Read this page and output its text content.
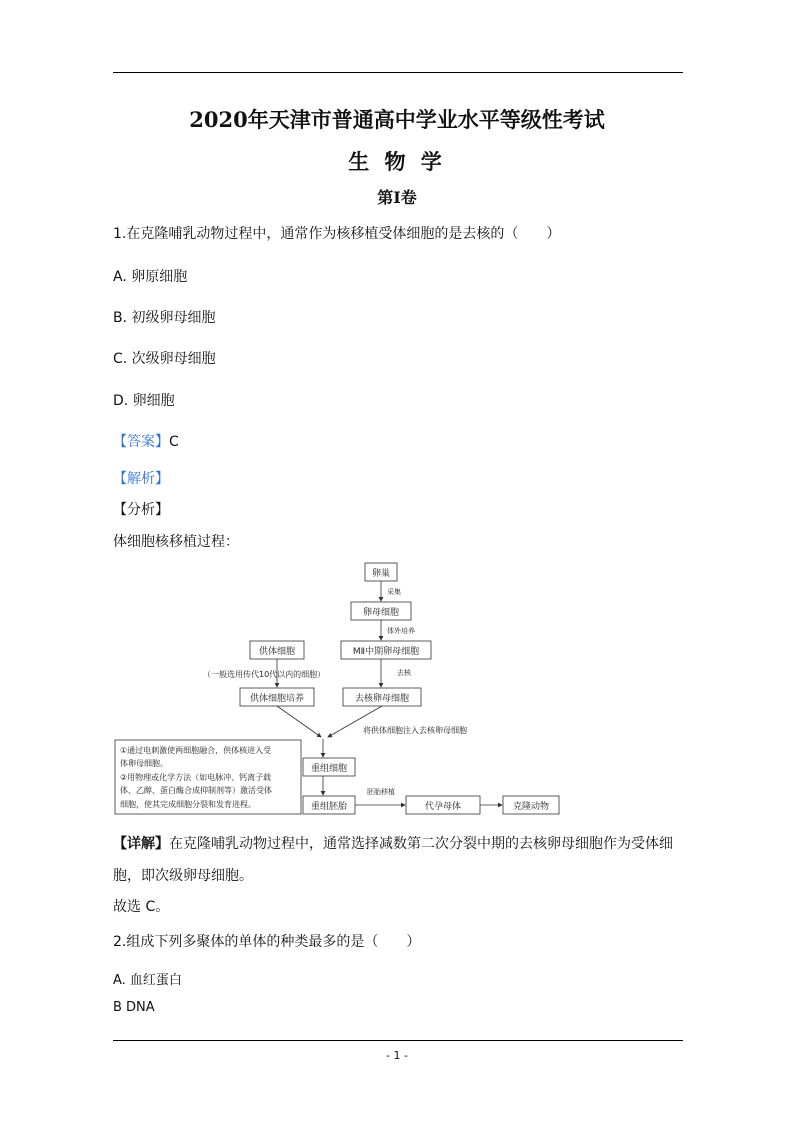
2020年天津市普通高中学业水平等级性考试
生 物 学
第Ⅰ卷
1.在克隆哺乳动物过程中，通常作为核移植受体细胞的是去核的（　　）
A. 卵原细胞
B. 初级卵母细胞
C. 次级卵母细胞
D. 卵细胞
【答案】C
【解析】
【分析】
体细胞核移植过程：
卵巢
采集
卵母细胞
体外培养
MⅡ中期卵母细胞
去核
去核卵母细胞
供体细胞
（一般选用传代10代以内的细胞）
供体细胞培养
将供体细胞注入去核卵母细胞
重组细胞
重组胚胎
胚胎移植
代孕母体	克隆动物
①通过电刺激使两细胞融合，供体核进入受
体卵母细胞。
②用物理或化学方法（如电脉冲、钙离子载
体、乙醇、蛋白酶合成抑制剂等）激活受体
细胞，使其完成细胞分裂和发育进程。
【详解】在克隆哺乳动物过程中，通常选择减数第二次分裂中期的去核卵母细胞作为受体细
胞，即次级卵母细胞。
故选 C。
2.组成下列多聚体的单体的种类最多的是（　　）
A. 血红蛋白
B DNA
- 1 -
